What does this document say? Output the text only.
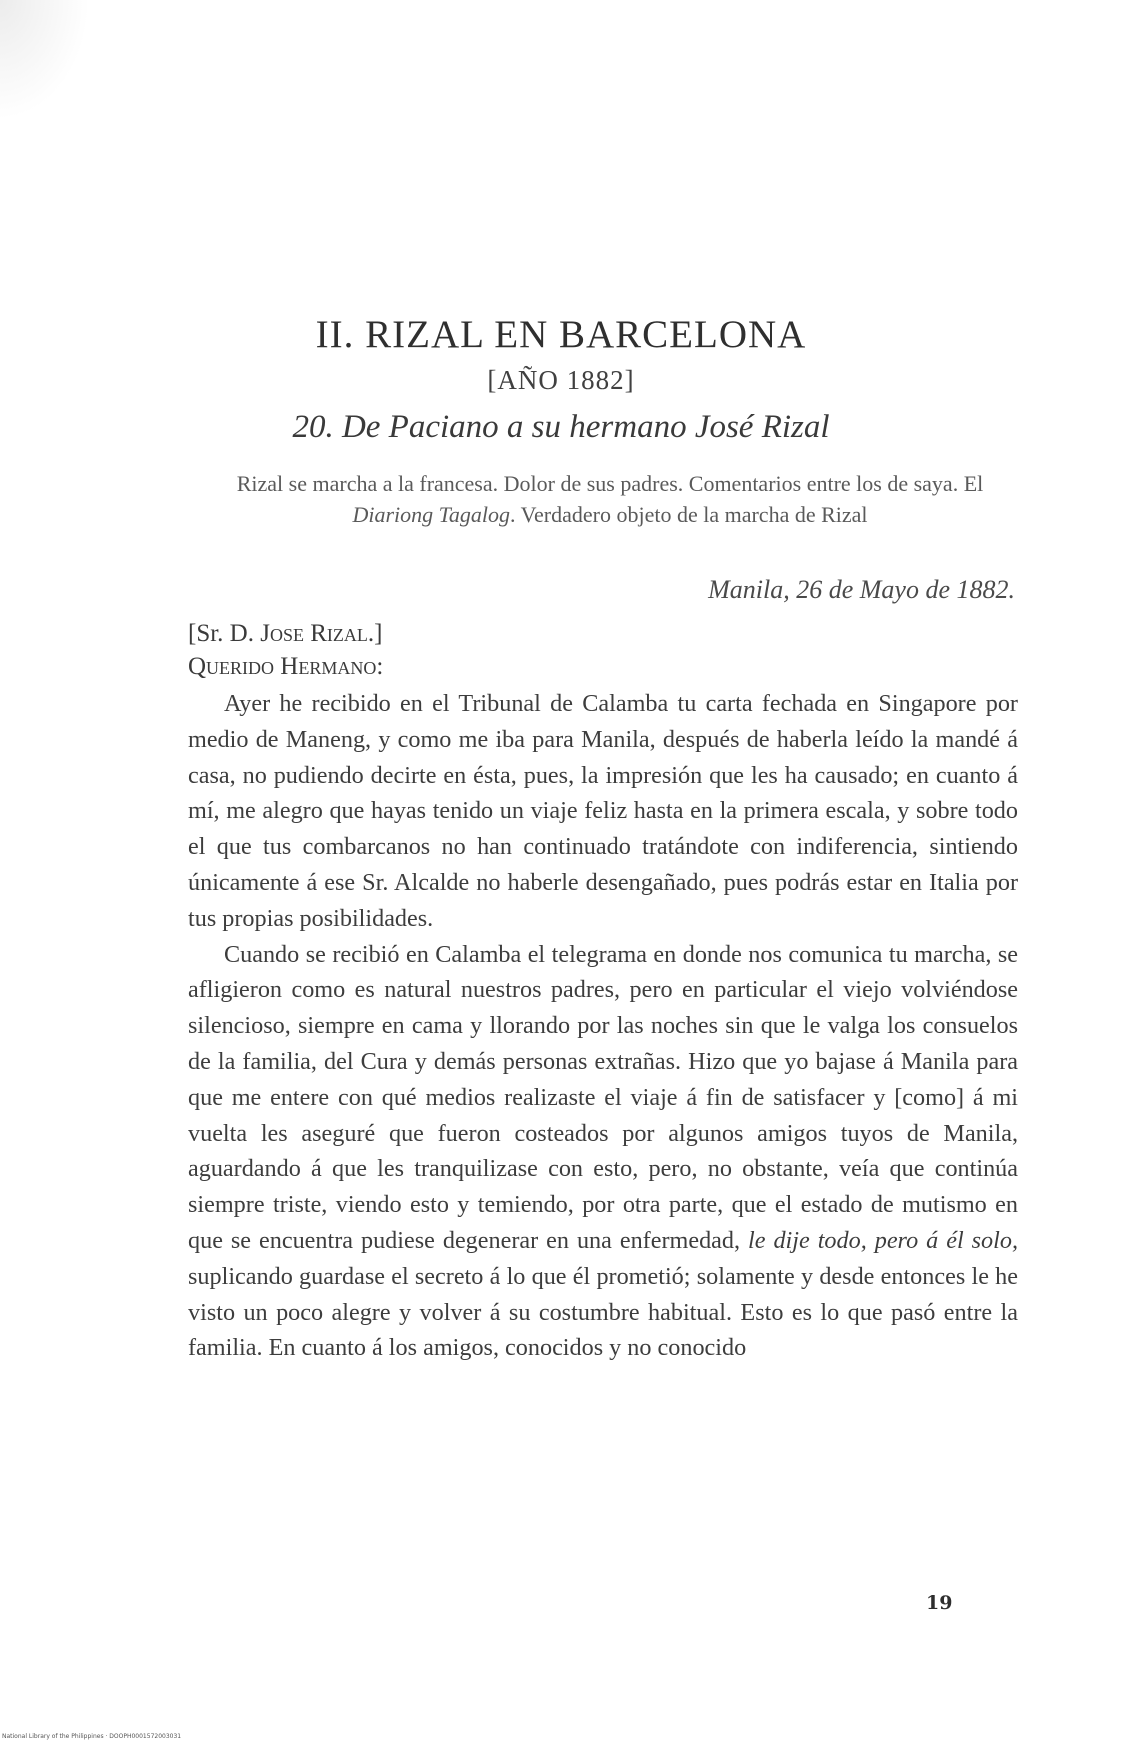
II. RIZAL EN BARCELONA
[AÑO 1882]
20. De Paciano a su hermano José Rizal
Rizal se marcha a la francesa. Dolor de sus padres. Comentarios entre los de saya. El Diariong Tagalog. Verdadero objeto de la marcha de Rizal
Manila, 26 de Mayo de 1882.
[Sr. D. Jose Rizal.]
Querido Hermano:

Ayer he recibido en el Tribunal de Calamba tu carta fechada en Singapore por medio de Maneng, y como me iba para Manila, después de haberla leído la mandé á casa, no pudiendo decirte en ésta, pues, la impresión que les ha causado; en cuanto á mí, me alegro que hayas tenido un viaje feliz hasta en la primera escala, y sobre todo el que tus combarcanos no han continuado tratándote con indiferencia, sintiendo únicamente á ese Sr. Alcalde no haberle desengañado, pues podrás estar en Italia por tus propias posibilidades.

Cuando se recibió en Calamba el telegrama en donde nos comunica tu marcha, se afligieron como es natural nuestros padres, pero en particular el viejo volviéndose silencioso, siempre en cama y llorando por las noches sin que le valga los consuelos de la familia, del Cura y demás personas extrañas. Hizo que yo bajase á Manila para que me entere con qué medios realizaste el viaje á fin de satisfacer y [como] á mi vuelta les aseguré que fueron costeados por algunos amigos tuyos de Manila, aguardando á que les tranquilizase con esto, pero, no obstante, veía que continúa siempre triste, viendo esto y temiendo, por otra parte, que el estado de mutismo en que se encuentra pudiese degenerar en una enfermedad, le dije todo, pero á él solo, suplicando guardase el secreto á lo que él prometió; solamente y desde entonces le he visto un poco alegre y volver á su costumbre habitual. Esto es lo que pasó entre la familia. En cuanto á los amigos, conocidos y no conocido

19
National Library of the Philippines · DOOPH0001572003031
